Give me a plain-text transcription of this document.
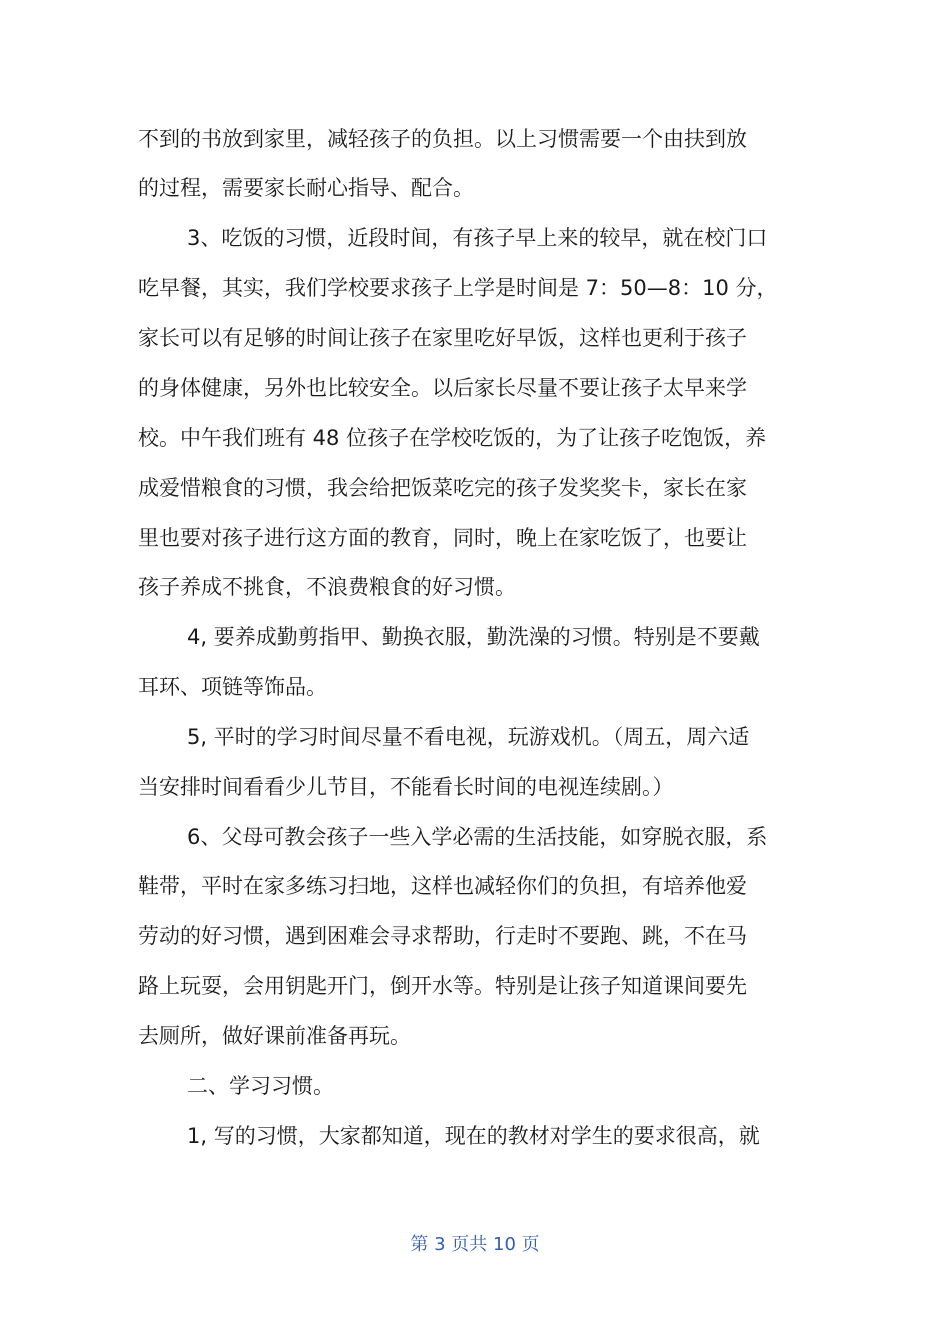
不到的书放到家里，减轻孩子的负担。以上习惯需要一个由扶到放
的过程，需要家长耐心指导、配合。
3、吃饭的习惯，近段时间，有孩子早上来的较早，就在校门口
吃早餐，其实，我们学校要求孩子上学是时间是 7：50—8：10 分，
家长可以有足够的时间让孩子在家里吃好早饭，这样也更利于孩子
的身体健康，另外也比较安全。以后家长尽量不要让孩子太早来学
校。中午我们班有 48 位孩子在学校吃饭的，为了让孩子吃饱饭，养
成爱惜粮食的习惯，我会给把饭菜吃完的孩子发奖奖卡，家长在家
里也要对孩子进行这方面的教育，同时，晚上在家吃饭了，也要让
孩子养成不挑食，不浪费粮食的好习惯。
4, 要养成勤剪指甲、勤换衣服，勤洗澡的习惯。特别是不要戴
耳环、项链等饰品。
5, 平时的学习时间尽量不看电视，玩游戏机。（周五，周六适
当安排时间看看少儿节目，不能看长时间的电视连续剧。）
6、父母可教会孩子一些入学必需的生活技能，如穿脱衣服，系
鞋带，平时在家多练习扫地，这样也减轻你们的负担，有培养他爱
劳动的好习惯，遇到困难会寻求帮助，行走时不要跑、跳，不在马
路上玩耍，会用钥匙开门，倒开水等。特别是让孩子知道课间要先
去厕所，做好课前准备再玩。
二、学习习惯。
1, 写的习惯，大家都知道，现在的教材对学生的要求很高，就
第 3 页共 10 页
